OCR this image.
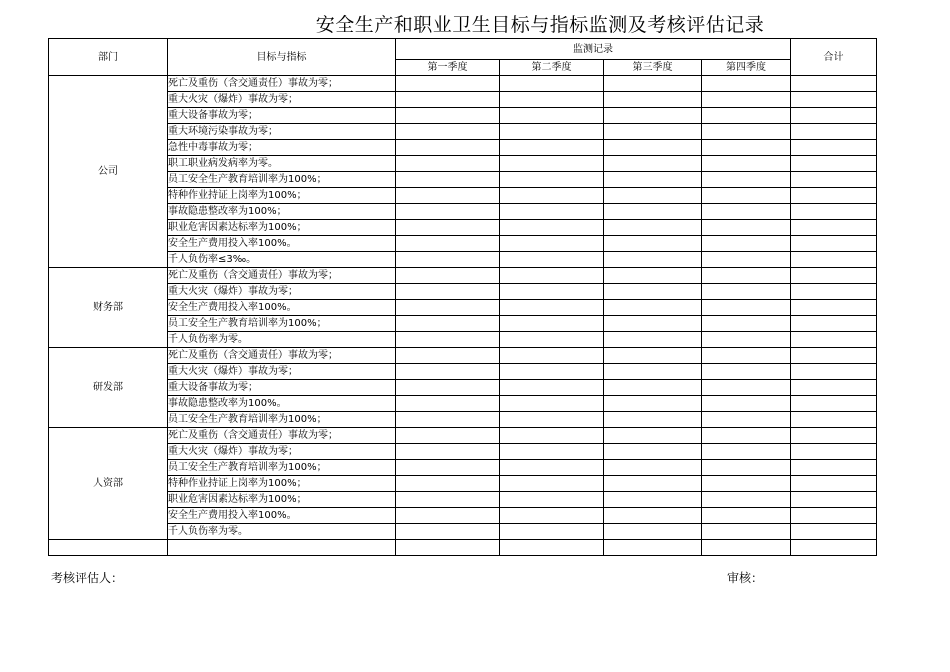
安全生产和职业卫生目标与指标监测及考核评估记录
部门	目标与指标	监测记录				合计
		第一季度	第二季度	第三季度	第四季度	
公司	死亡及重伤（含交通责任）事故为零；					
	重大火灾（爆炸）事故为零；					
	重大设备事故为零；					
	重大环境污染事故为零；					
	急性中毒事故为零；					
	职工职业病发病率为零。					
	员工安全生产教育培训率为100%；					
	特种作业持证上岗率为100%；					
	事故隐患整改率为100%；					
	职业危害因素达标率为100%；					
	安全生产费用投入率100%。					
	千人负伤率≤3‰。					
财务部	死亡及重伤（含交通责任）事故为零；					
	重大火灾（爆炸）事故为零；					
	安全生产费用投入率100%。					
	员工安全生产教育培训率为100%；					
	千人负伤率为零。					
研发部	死亡及重伤（含交通责任）事故为零；					
	重大火灾（爆炸）事故为零；					
	重大设备事故为零；					
	事故隐患整改率为100%。					
	员工安全生产教育培训率为100%；					
人资部	死亡及重伤（含交通责任）事故为零；					
	重大火灾（爆炸）事故为零；					
	员工安全生产教育培训率为100%；					
	特种作业持证上岗率为100%；					
	职业危害因素达标率为100%；					
	安全生产费用投入率100%。					
	千人负伤率为零。					

考核评估人：	审核：
